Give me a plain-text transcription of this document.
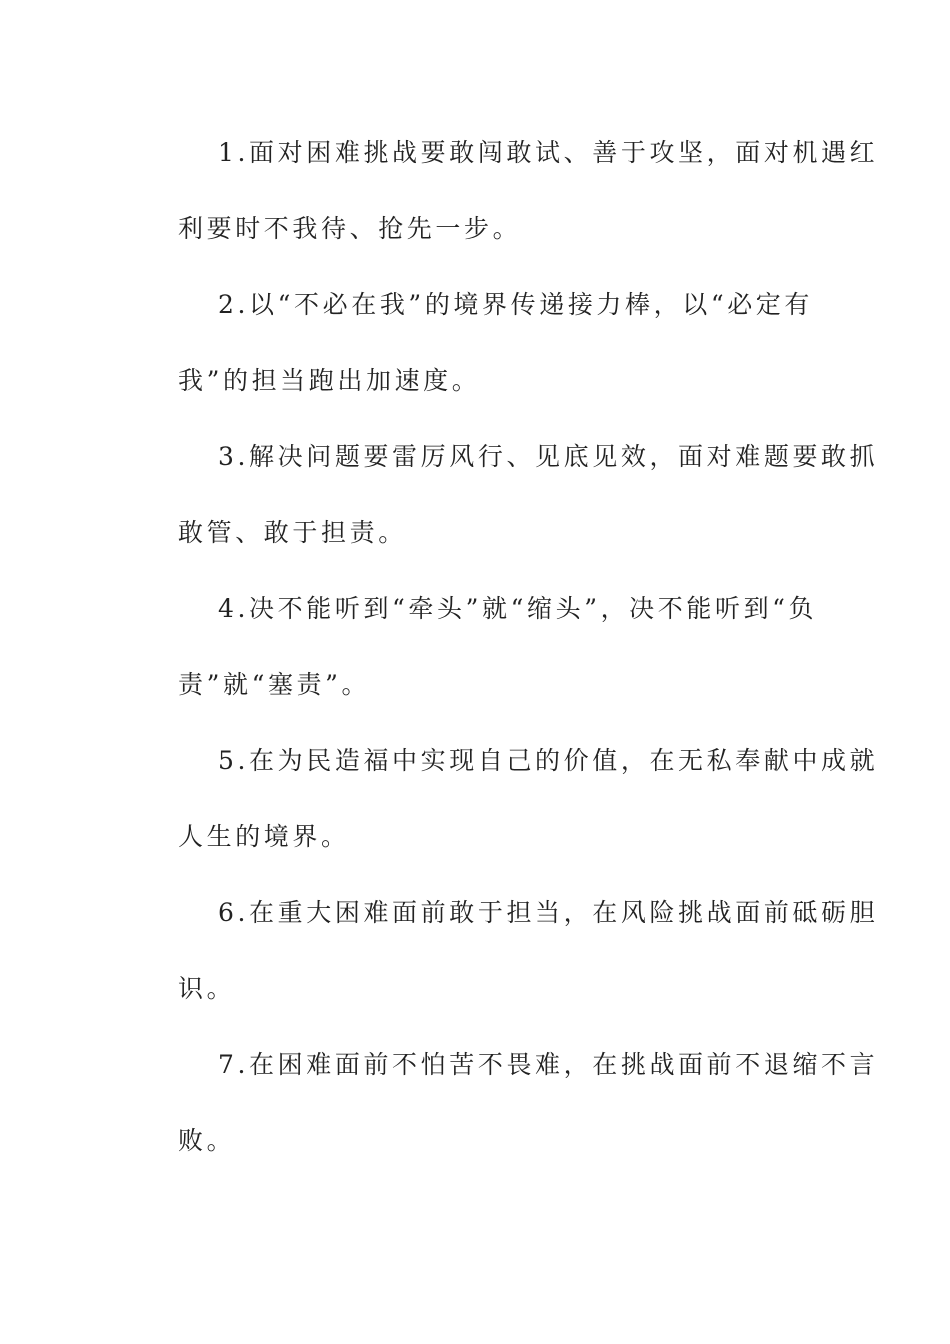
1.面对困难挑战要敢闯敢试、善于攻坚，面对机遇红
利要时不我待、抢先一步。
2.以“不必在我”的境界传递接力棒，以“必定有
我”的担当跑出加速度。
3.解决问题要雷厉风行、见底见效，面对难题要敢抓
敢管、敢于担责。
4.决不能听到“牵头”就“缩头”，决不能听到“负
责”就“塞责”。
5.在为民造福中实现自己的价值，在无私奉献中成就
人生的境界。
6.在重大困难面前敢于担当，在风险挑战面前砥砺胆
识。
7.在困难面前不怕苦不畏难，在挑战面前不退缩不言
败。
